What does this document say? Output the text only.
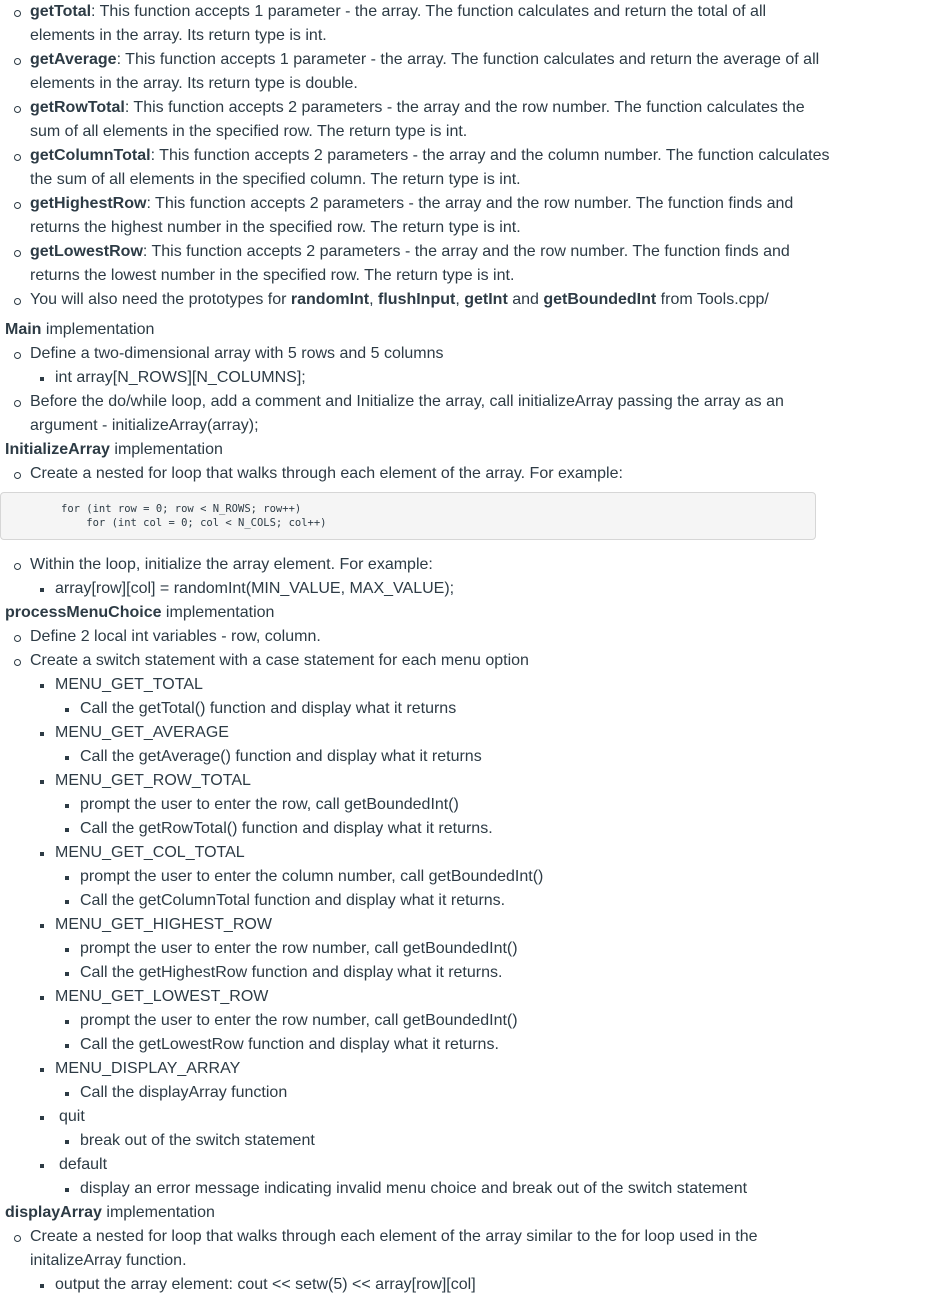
getTotal: This function accepts 1 parameter - the array. The function calculates and return the total of all
elements in the array. Its return type is int.
getAverage: This function accepts 1 parameter - the array. The function calculates and return the average of all
elements in the array. Its return type is double.
getRowTotal: This function accepts 2 parameters - the array and the row number. The function calculates the
sum of all elements in the specified row. The return type is int.
getColumnTotal: This function accepts 2 parameters - the array and the column number. The function calculates
the sum of all elements in the specified column. The return type is int.
getHighestRow: This function accepts 2 parameters - the array and the row number. The function finds and
returns the highest number in the specified row. The return type is int.
getLowestRow: This function accepts 2 parameters - the array and the row number. The function finds and
returns the lowest number in the specified row. The return type is int.
You will also need the prototypes for randomInt, flushInput, getInt and getBoundedInt from Tools.cpp/
Main implementation
Define a two-dimensional array with 5 rows and 5 columns
int array[N_ROWS][N_COLUMNS];
Before the do/while loop, add a comment and Initialize the array, call initializeArray passing the array as an
argument - initializeArray(array);
InitializeArray implementation
Create a nested for loop that walks through each element of the array. For example:
for (int row = 0; row < N_ROWS; row++)
for (int col = 0; col < N_COLS; col++)
Within the loop, initialize the array element. For example:
array[row][col] = randomInt(MIN_VALUE, MAX_VALUE);
processMenuChoice implementation
Define 2 local int variables - row, column.
Create a switch statement with a case statement for each menu option
MENU_GET_TOTAL
Call the getTotal() function and display what it returns
MENU_GET_AVERAGE
Call the getAverage() function and display what it returns
MENU_GET_ROW_TOTAL
prompt the user to enter the row, call getBoundedInt()
Call the getRowTotal() function and display what it returns.
MENU_GET_COL_TOTAL
prompt the user to enter the column number, call getBoundedInt()
Call the getColumnTotal function and display what it returns.
MENU_GET_HIGHEST_ROW
prompt the user to enter the row number, call getBoundedInt()
Call the getHighestRow function and display what it returns.
MENU_GET_LOWEST_ROW
prompt the user to enter the row number, call getBoundedInt()
Call the getLowestRow function and display what it returns.
MENU_DISPLAY_ARRAY
Call the displayArray function
quit
break out of the switch statement
default
display an error message indicating invalid menu choice and break out of the switch statement
displayArray implementation
Create a nested for loop that walks through each element of the array similar to the for loop used in the
initalizeArray function.
output the array element: cout << setw(5) << array[row][col]
